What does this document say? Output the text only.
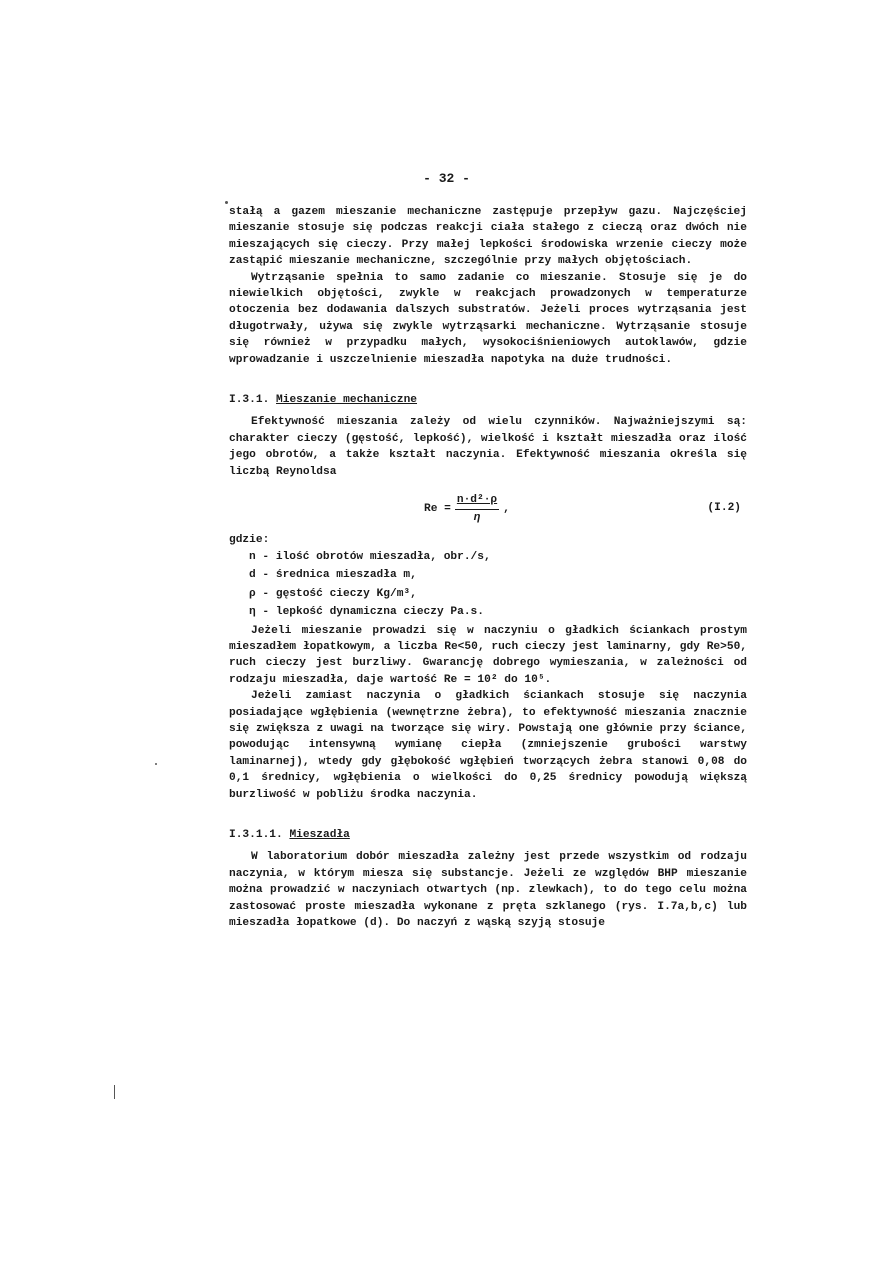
- 32 -

stałą a gazem mieszanie mechaniczne zastępuje przepływ gazu. Najczęściej mieszanie stosuje się podczas reakcji ciała stałego z cieczą oraz dwóch nie mieszających się cieczy. Przy małej lepkości środowiska wrzenie cieczy może zastąpić mieszanie mechaniczne, szczególnie przy małych objętościach.

Wytrząsanie spełnia to samo zadanie co mieszanie. Stosuje się je do niewielkich objętości, zwykle w reakcjach prowadzonych w temperaturze otoczenia bez dodawania dalszych substratów. Jeżeli proces wytrząsania jest długotrwały, używa się zwykle wytrząsarki mechaniczne. Wytrząsanie stosuje się również w przypadku małych, wysokociśnieniowych autoklawów, gdzie wprowadzanie i uszczelnienie mieszadła napotyka na duże trudności.

I.3.1. Mieszanie mechaniczne

Efektywność mieszania zależy od wielu czynników. Najważniejszymi są: charakter cieczy (gęstość, lepkość), wielkość i kształt mieszadła oraz ilość jego obrotów, a także kształt naczynia. Efektywność mieszania określa się liczbą Reynoldsa

$Re = \frac{\text{n·d²·ρ}}{\eta}$ ,	(I.2)
gdzie:
n - ilość obrotów mieszadła, obr./s,
d - średnica mieszadła m,
ρ - gęstość cieczy Kg/m³,
η - lepkość dynamiczna cieczy Pa.s.

Jeżeli mieszanie prowadzi się w naczyniu o gładkich ściankach prostym mieszadłem łopatkowym, a liczba Re<50, ruch cieczy jest laminarny, gdy Re>50, ruch cieczy jest burzliwy. Gwarancję dobrego wymieszania, w zależności od rodzaju mieszadła, daje wartość Re = 10² do 10⁵.

Jeżeli zamiast naczynia o gładkich ściankach stosuje się naczynia posiadające wgłębienia (wewnętrzne żebra), to efektywność mieszania znacznie się zwiększa z uwagi na tworzące się wiry. Powstają one głównie przy ściance, powodując intensywną wymianę ciepła (zmniejszenie grubości warstwy laminarnej), wtedy gdy głębokość wgłębień tworzących żebra stanowi 0,08 do 0,1 średnicy, wgłębienia o wielkości do 0,25 średnicy powodują większą burzliwość w pobliżu środka naczynia.

I.3.1.1. Mieszadła

W laboratorium dobór mieszadła zależny jest przede wszystkim od rodzaju naczynia, w którym miesza się substancje. Jeżeli ze względów BHP mieszanie można prowadzić w naczyniach otwartych (np. zlewkach), to do tego celu można zastosować proste mieszadła wykonane z pręta szklanego (rys. I.7a,b,c) lub mieszadła łopatkowe (d). Do naczyń z wąską szyją stosuje
